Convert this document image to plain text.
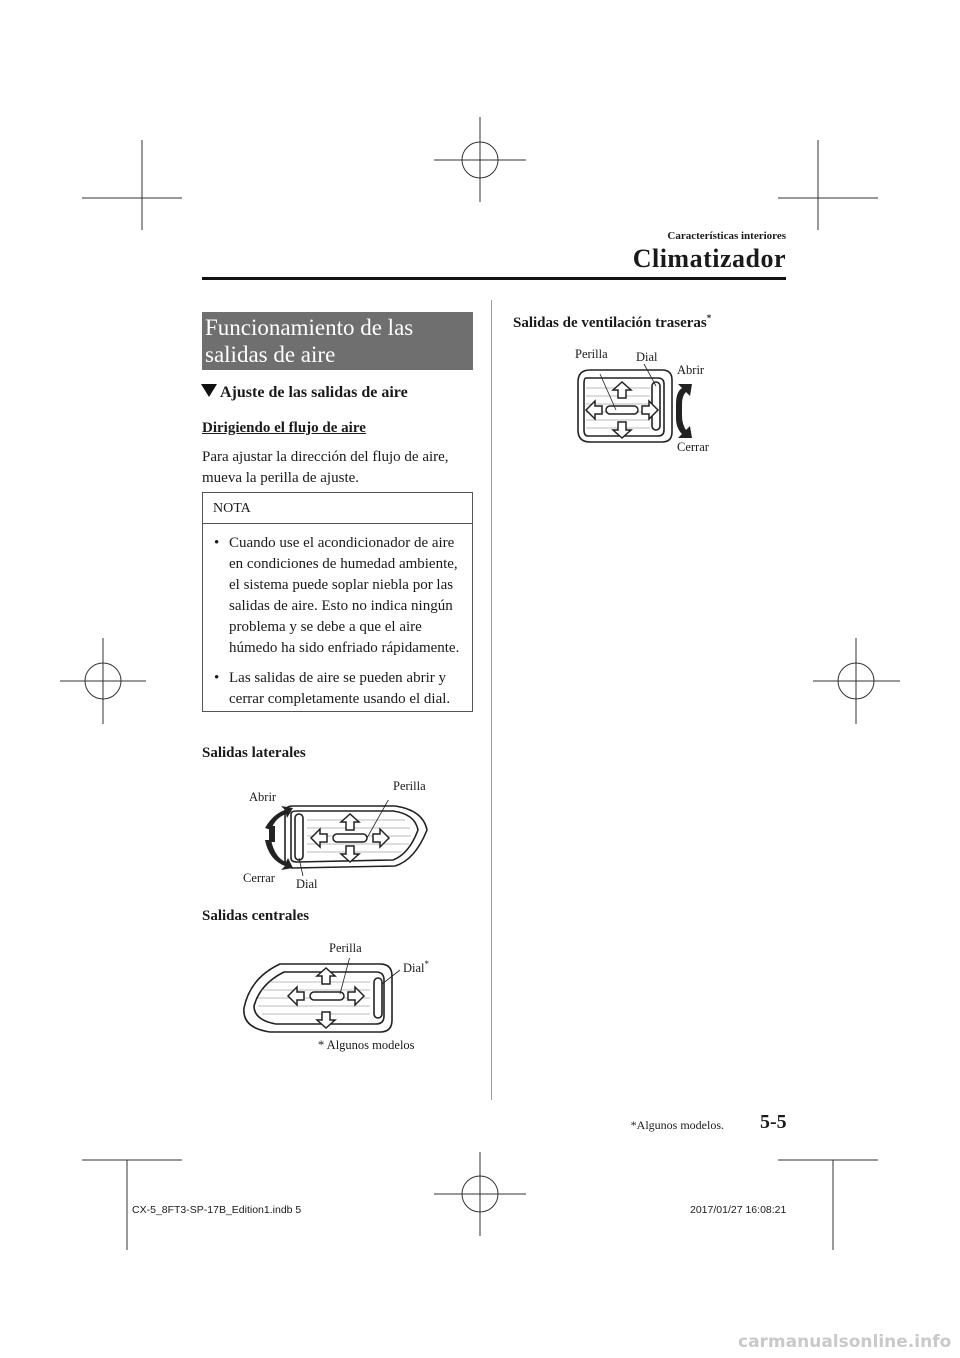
Características interiores
Climatizador
Funcionamiento de las
salidas de aire
Ajuste de las salidas de aire
Dirigiendo el flujo de aire
Para ajustar la dirección del flujo de aire, mueva la perilla de ajuste.
NOTA
• Cuando use el acondicionador de aire en condiciones de humedad ambiente, el sistema puede soplar niebla por las salidas de aire. Esto no indica ningún problema y se debe a que el aire húmedo ha sido enfriado rápidamente.
• Las salidas de aire se pueden abrir y cerrar completamente usando el dial.
Salidas laterales
Abrir
Perilla
Cerrar Dial
Salidas centrales
Perilla
Dial*
* Algunos modelos
Salidas de ventilación traseras*
Perilla Dial
Abrir
Cerrar
*Algunos modelos. 5-5
CX-5_8FT3-SP-17B_Edition1.indb 5	2017/01/27 16:08:21
carmanualsonline.info
